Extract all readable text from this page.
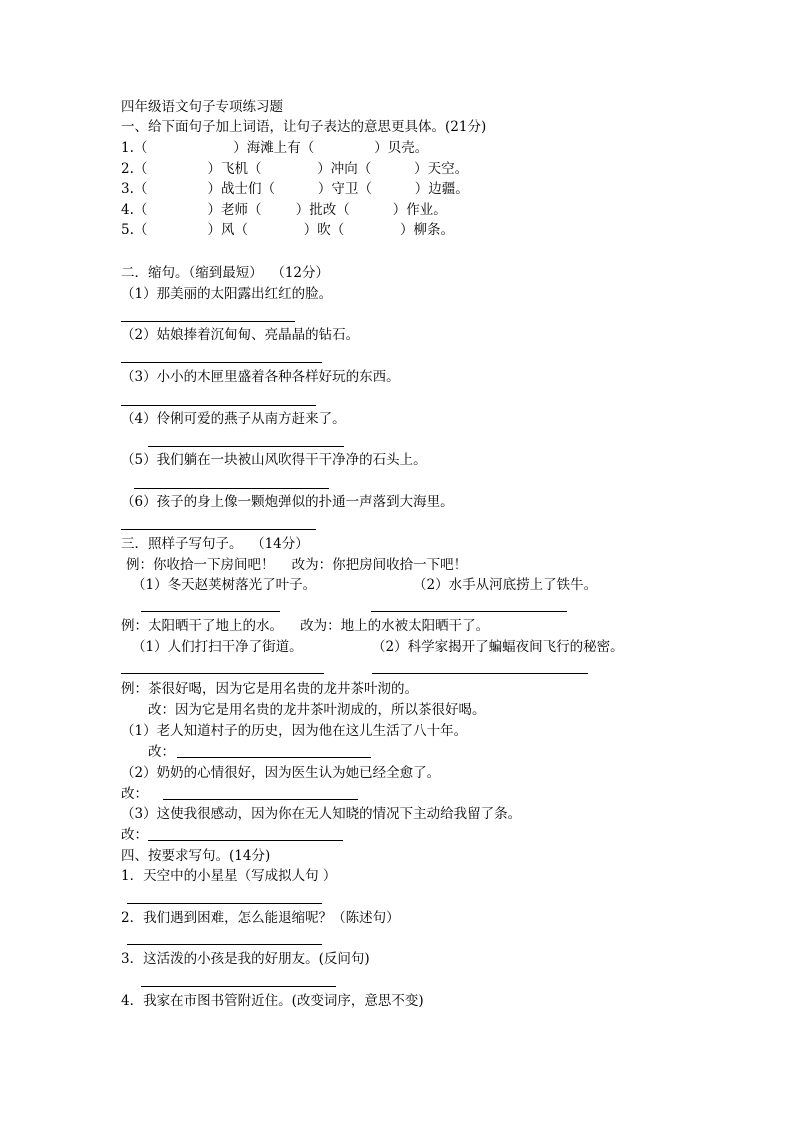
四年级语文句子专项练习题
一、给下面句子加上词语，让句子表达的意思更具体。(21分)
1.（                    ）海滩上有（              ）贝壳。
2.（              ）飞机（             ）冲向（          ）天空。
3.（              ）战士们（          ）守卫（          ）边疆。
4.（              ）老师（        ）批改（          ）作业。
5.（              ）风（             ）吹（             ）柳条。
二．缩句。（缩到最短）  （12分）
（1）那美丽的太阳露出红红的脸。
（2）姑娘捧着沉甸甸、亮晶晶的钻石。
（3）小小的木匣里盛着各种各样好玩的东西。
（4）伶俐可爱的燕子从南方赶来了。
（5）我们躺在一块被山风吹得干干净净的石头上。
（6）孩子的身上像一颗炮弹似的扑通一声落到大海里。
三．照样子写句子。  （14分）
例：你收拾一下房间吧！    改为：你把房间收拾一下吧！
（1）冬天赵荚树落光了叶子。	（2）水手从河底捞上了铁牛。
例：太阳晒干了地上的水。    改为：地上的水被太阳晒干了。
（1）人们打扫干净了街道。	（2）科学家揭开了蝙蝠夜间飞行的秘密。
例：茶很好喝，因为它是用名贵的龙井茶叶沏的。
改：因为它是用名贵的龙井茶叶沏成的，所以茶很好喝。
（1）老人知道村子的历史，因为他在这儿生活了八十年。
改：
（2）奶奶的心情很好，因为医生认为她已经全愈了。
改：
（3）这使我很感动，因为你在无人知晓的情况下主动给我留了条。
改：
四、按要求写句。(14分)
1．天空中的小星星（写成拟人句 ）
2．我们遇到困难，怎么能退缩呢？（陈述句）
3．这活泼的小孩是我的好朋友。(反问句)
4．我家在市图书管附近住。(改变词序，意思不变)
